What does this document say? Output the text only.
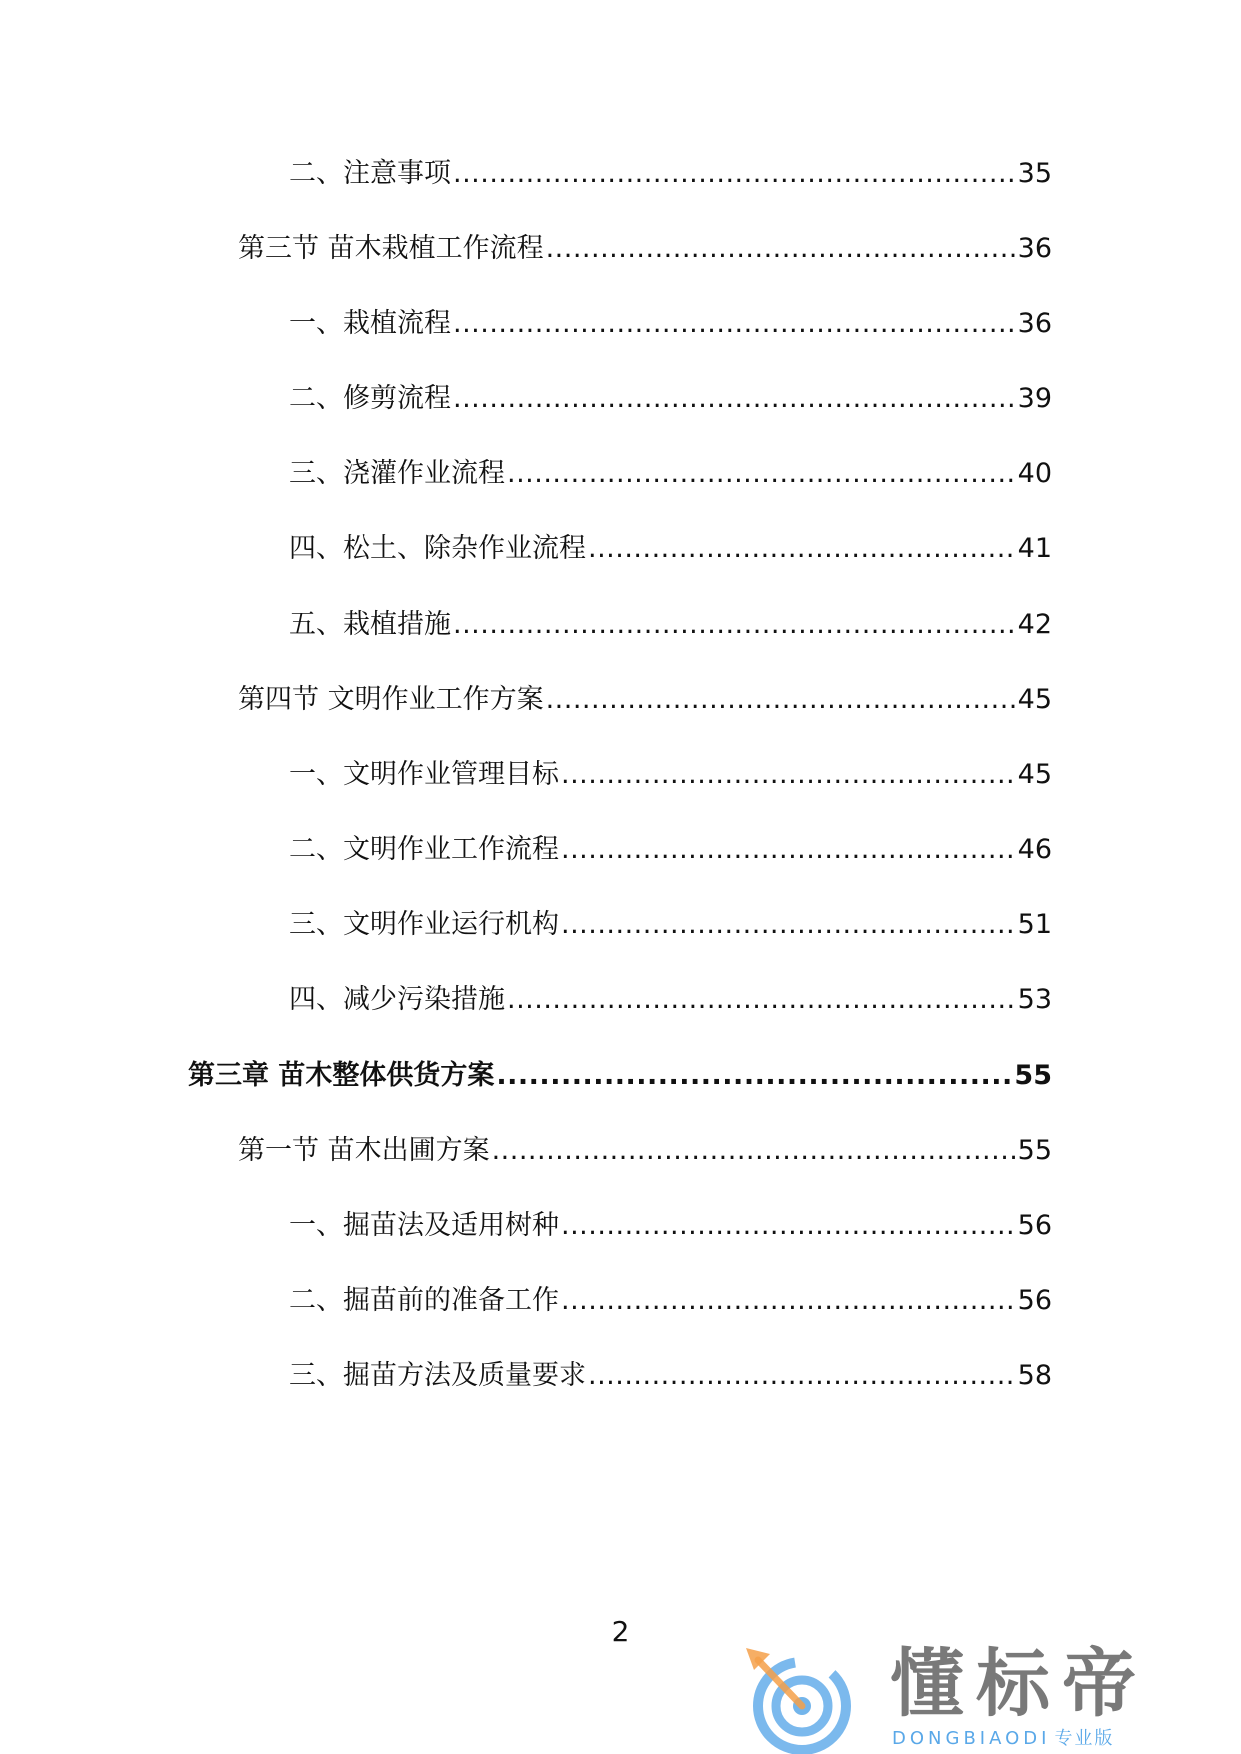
二、注意事项 .....	35
第三节 苗木栽植工作流程 .....	36
一、栽植流程 .....	36
二、修剪流程 .....	39
三、浇灌作业流程 .....	40
四、松土、除杂作业流程 .....	41
五、栽植措施 .....	42
第四节 文明作业工作方案 .....	45
一、文明作业管理目标 .....	45
二、文明作业工作流程 .....	46
三、文明作业运行机构 .....	51
四、减少污染措施 .....	53
第三章 苗木整体供货方案 .....	55
第一节 苗木出圃方案 .....	55
一、掘苗法及适用树种 .....	56
二、掘苗前的准备工作 .....	56
三、掘苗方法及质量要求 .....	58
2
懂标帝
DONGBIAODI 专业版
